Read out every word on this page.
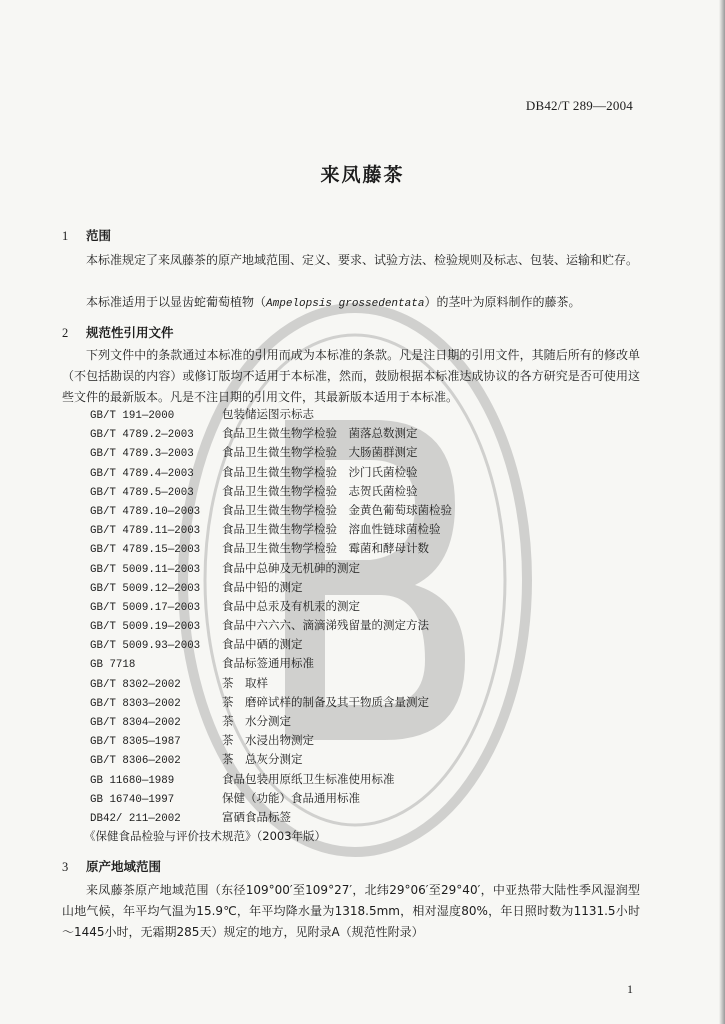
DB42/T 289—2004
来凤藤茶
1 范围
本标准规定了来凤藤茶的原产地域范围、定义、要求、试验方法、检验规则及标志、包装、运输和贮存。
本标准适用于以显齿蛇葡萄植物（Ampelopsis grossedentata）的茎叶为原料制作的藤茶。
2 规范性引用文件
下列文件中的条款通过本标准的引用而成为本标准的条款。凡是注日期的引用文件，其随后所有的修改单（不包括勘误的内容）或修订版均不适用于本标准，然而，鼓励根据本标准达成协议的各方研究是否可使用这些文件的最新版本。凡是不注日期的引用文件，其最新版本适用于本标准。
GB/T 191—2000	包装储运图示标志
GB/T 4789.2—2003 食品卫生微生物学检验　菌落总数测定
GB/T 4789.3—2003 食品卫生微生物学检验　大肠菌群测定
GB/T 4789.4—2003 食品卫生微生物学检验　沙门氏菌检验
GB/T 4789.5—2003 食品卫生微生物学检验　志贺氏菌检验
GB/T 4789.10—2003 食品卫生微生物学检验　金黄色葡萄球菌检验
GB/T 4789.11—2003 食品卫生微生物学检验　溶血性链球菌检验
GB/T 4789.15—2003 食品卫生微生物学检验　霉菌和酵母计数
GB/T 5009.11—2003 食品中总砷及无机砷的测定
GB/T 5009.12—2003 食品中铅的测定
GB/T 5009.17—2003 食品中总汞及有机汞的测定
GB/T 5009.19—2003 食品中六六六、滴滴涕残留量的测定方法
GB/T 5009.93—2003 食品中硒的测定
GB 7718	食品标签通用标准
GB/T 8302—2002	茶　取样
GB/T 8303—2002	茶　磨碎试样的制备及其干物质含量测定
GB/T 8304—2002	茶　水分测定
GB/T 8305—1987	茶　水浸出物测定
GB/T 8306—2002	茶　总灰分测定
GB 11680—1989	食品包装用原纸卫生标准使用标准
GB 16740—1997	保健（功能）食品通用标准
DB42/ 211—2002	富硒食品标签
《保健食品检验与评价技术规范》（2003年版）
3 原产地域范围
来凤藤茶原产地域范围（东径109°00′至109°27′，北纬29°06′至29°40′，中亚热带大陆性季风湿润型山地气候，年平均气温为15.9℃，年平均降水量为1318.5mm，相对湿度80%，年日照时数为1131.5小时～1445小时，无霜期285天）规定的地方，见附录A（规范性附录）
1
